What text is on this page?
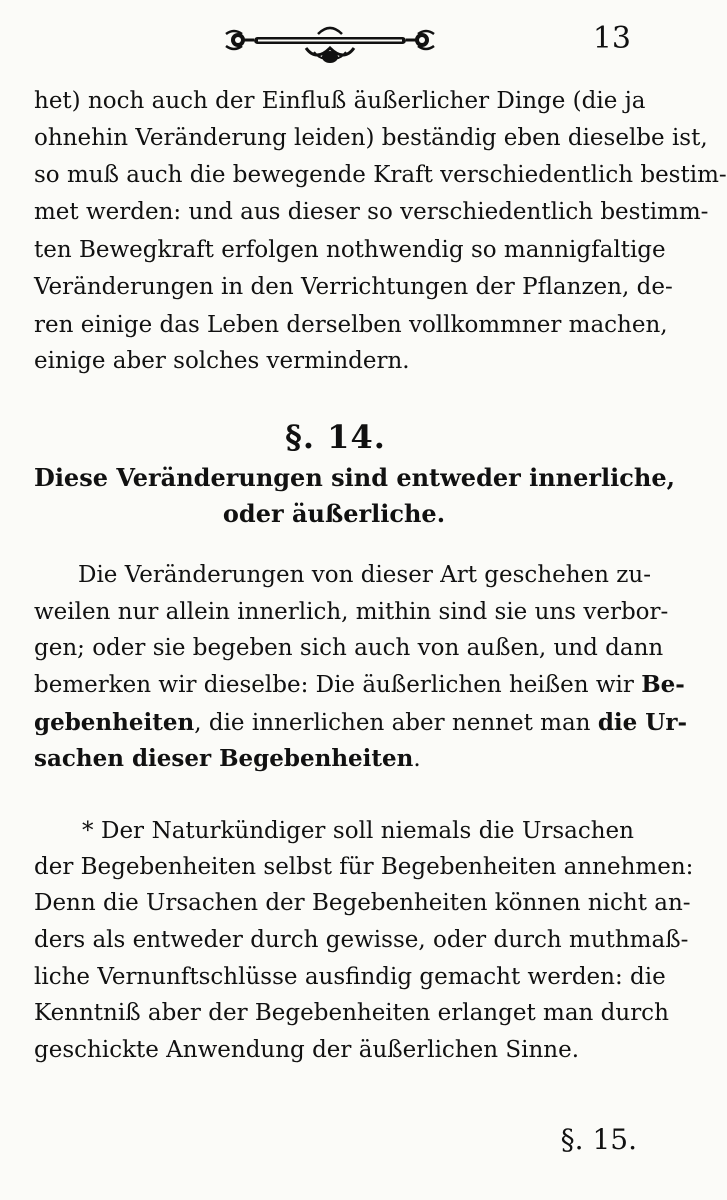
13

het) noch auch der Einfluß äußerlicher Dinge (die ja

ohnehin Veränderung leiden) beständig eben dieselbe ist,

so muß auch die bewegende Kraft verschiedentlich bestim-

met werden: und aus dieser so verschiedentlich bestimm-

ten Bewegkraft erfolgen nothwendig so mannigfaltige

Veränderungen in den Verrichtungen der Pflanzen, de-

ren einige das Leben derselben vollkommner machen,

einige aber solches vermindern.

§. 14.

Diese Veränderungen sind entweder innerliche,

oder äußerliche.

Die Veränderungen von dieser Art geschehen zu-

weilen nur allein innerlich, mithin sind sie uns verbor-

gen; oder sie begeben sich auch von außen, und dann

bemerken wir dieselbe: Die äußerlichen heißen wir Be-

gebenheiten, die innerlichen aber nennet man die Ur-

sachen dieser Begebenheiten.

* Der Naturkündiger soll niemals die Ursachen

der Begebenheiten selbst für Begebenheiten annehmen:

Denn die Ursachen der Begebenheiten können nicht an-

ders als entweder durch gewisse, oder durch muthmaß-

liche Vernunftschlüsse ausfindig gemacht werden: die

Kenntniß aber der Begebenheiten erlanget man durch

geschickte Anwendung der äußerlichen Sinne.

§. 15.
